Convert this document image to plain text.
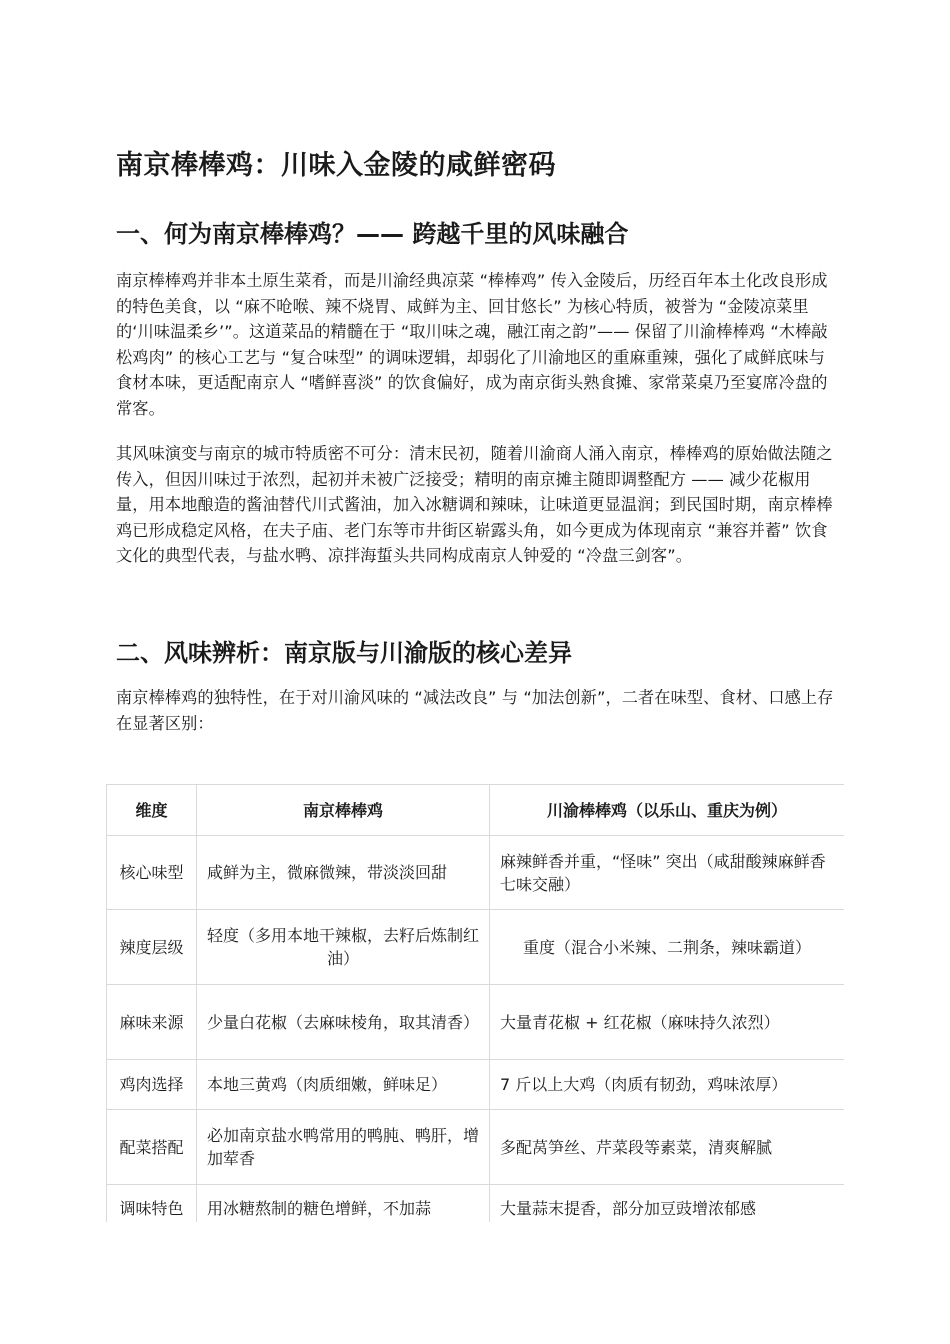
南京棒棒鸡：川味入金陵的咸鲜密码
一、何为南京棒棒鸡？—— 跨越千里的风味融合

南京棒棒鸡并非本土原生菜肴，而是川渝经典凉菜 “棒棒鸡” 传入金陵后，历经百年本土化改良形成的特色美食，以 “麻不呛喉、辣不烧胃、咸鲜为主、回甘悠长” 为核心特质，被誉为 “金陵凉菜里的‘川味温柔乡’”。这道菜品的精髓在于 “取川味之魂，融江南之韵”—— 保留了川渝棒棒鸡 “木棒敲松鸡肉” 的核心工艺与 “复合味型” 的调味逻辑，却弱化了川渝地区的重麻重辣，强化了咸鲜底味与食材本味，更适配南京人 “嗜鲜喜淡” 的饮食偏好，成为南京街头熟食摊、家常菜桌乃至宴席冷盘的常客。

其风味演变与南京的城市特质密不可分：清末民初，随着川渝商人涌入南京，棒棒鸡的原始做法随之传入，但因川味过于浓烈，起初并未被广泛接受；精明的南京摊主随即调整配方 —— 减少花椒用量，用本地酿造的酱油替代川式酱油，加入冰糖调和辣味，让味道更显温润；到民国时期，南京棒棒鸡已形成稳定风格，在夫子庙、老门东等市井街区崭露头角，如今更成为体现南京 “兼容并蓄” 饮食文化的典型代表，与盐水鸭、凉拌海蜇头共同构成南京人钟爱的 “冷盘三剑客”。

二、风味辨析：南京版与川渝版的核心差异

南京棒棒鸡的独特性，在于对川渝风味的 “减法改良” 与 “加法创新”，二者在味型、食材、口感上存在显著区别：

维度	南京棒棒鸡	川渝棒棒鸡（以乐山、重庆为例）
核心味型	咸鲜为主，微麻微辣，带淡淡回甜	麻辣鲜香并重，“怪味” 突出（咸甜酸辣麻鲜香七味交融）
辣度层级	轻度（多用本地干辣椒，去籽后炼制红油）	重度（混合小米辣、二荆条，辣味霸道）
麻味来源	少量白花椒（去麻味棱角，取其清香）	大量青花椒 + 红花椒（麻味持久浓烈）
鸡肉选择	本地三黄鸡（肉质细嫩，鲜味足）	7 斤以上大鸡（肉质有韧劲，鸡味浓厚）
配菜搭配	必加南京盐水鸭常用的鸭肫、鸭肝，增加荤香	多配莴笋丝、芹菜段等素菜，清爽解腻
调味特色	用冰糖熬制的糖色增鲜，不加蒜	大量蒜末提香，部分加豆豉增浓郁感
